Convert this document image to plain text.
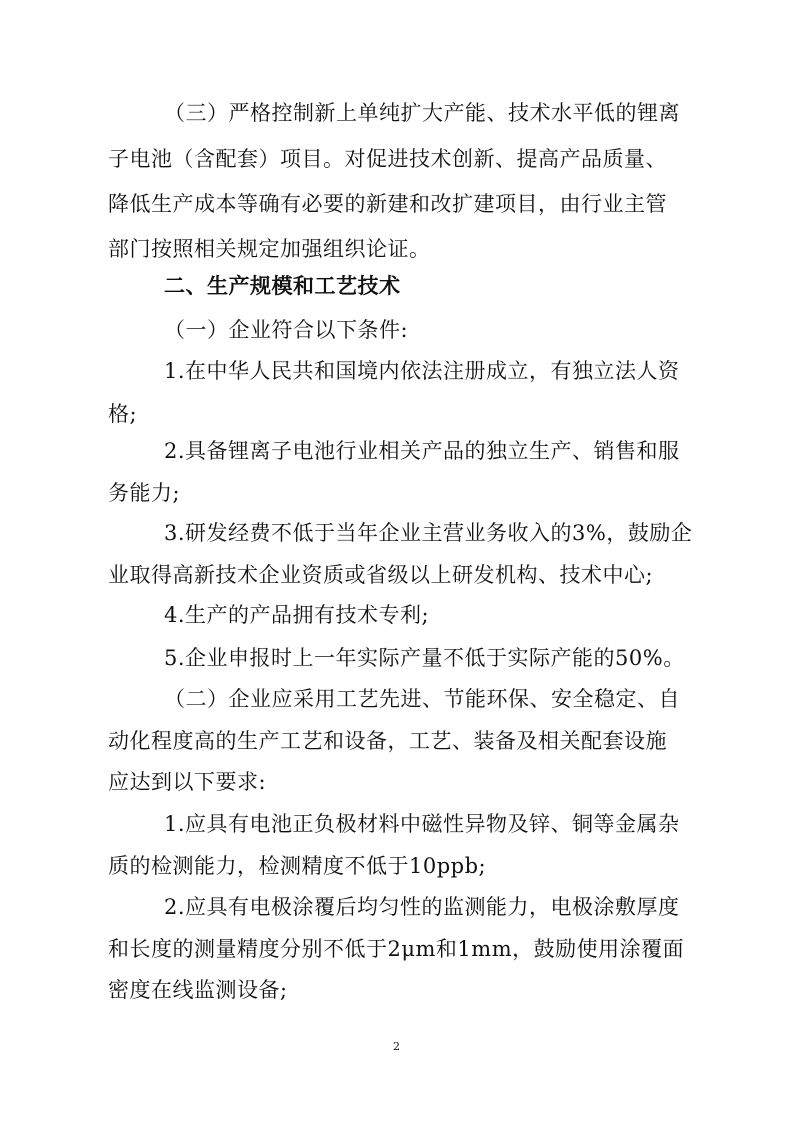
（三）严格控制新上单纯扩大产能、技术水平低的锂离
子电池（含配套）项目。对促进技术创新、提高产品质量、
降低生产成本等确有必要的新建和改扩建项目，由行业主管
部门按照相关规定加强组织论证。
二、生产规模和工艺技术
（一）企业符合以下条件:
1.在中华人民共和国境内依法注册成立，有独立法人资
格;
2.具备锂离子电池行业相关产品的独立生产、销售和服
务能力;
3.研发经费不低于当年企业主营业务收入的3%，鼓励企
业取得高新技术企业资质或省级以上研发机构、技术中心;
4.生产的产品拥有技术专利;
5.企业申报时上一年实际产量不低于实际产能的50%。
（二）企业应采用工艺先进、节能环保、安全稳定、自
动化程度高的生产工艺和设备，工艺、装备及相关配套设施
应达到以下要求:
1.应具有电池正负极材料中磁性异物及锌、铜等金属杂
质的检测能力，检测精度不低于10ppb;
2.应具有电极涂覆后均匀性的监测能力，电极涂敷厚度
和长度的测量精度分别不低于2μm和1mm，鼓励使用涂覆面
密度在线监测设备;
2
